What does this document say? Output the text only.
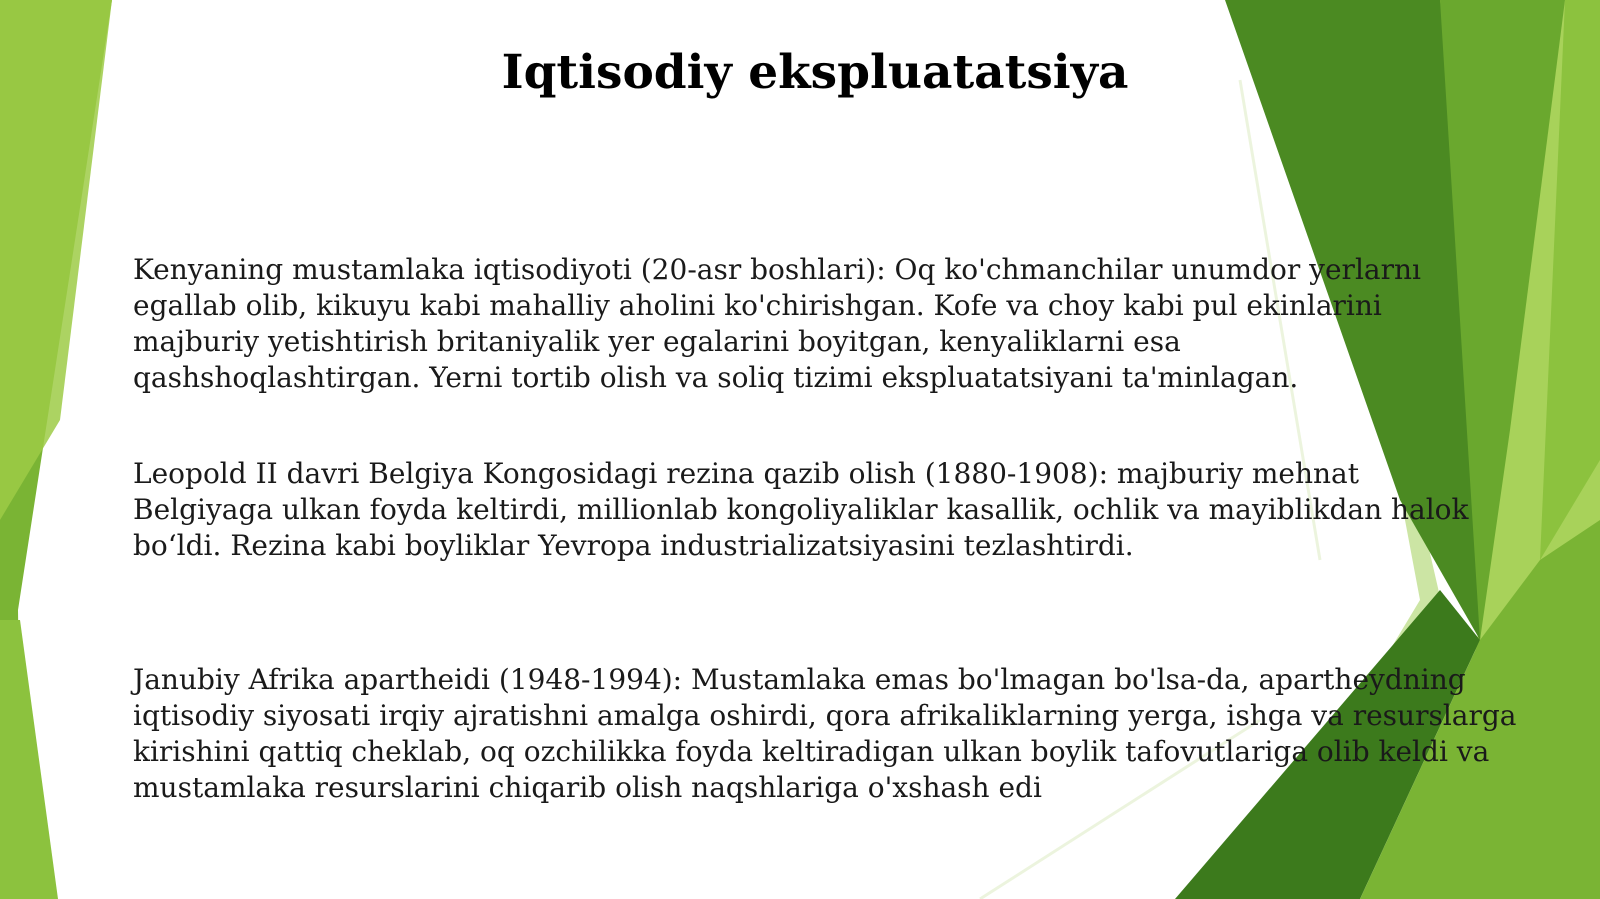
Iqtisodiy ekspluatatsiya

Kenyaning mustamlaka iqtisodiyoti (20-asr boshlari): Oq ko'chmanchilar unumdor yerlarnı
egallab olib, kikuyu kabi mahalliy aholini ko'chirishgan. Kofe va choy kabi pul ekinlarini
majburiy yetishtirish britaniyalik yer egalarini boyitgan, kenyaliklarni esa
qashshoqlashtirgan. Yerni tortib olish va soliq tizimi ekspluatatsiyani ta'minlagan.

Leopold II davri Belgiya Kongosidagi rezina qazib olish (1880-1908): majburiy mehnat
Belgiyaga ulkan foyda keltirdi, millionlab kongoliyaliklar kasallik, ochlik va mayiblikdan halok
bo‘ldi. Rezina kabi boyliklar Yevropa industrializatsiyasini tezlashtirdi.

Janubiy Afrika apartheidi (1948-1994): Mustamlaka emas bo'lmagan bo'lsa-da, apartheydning
iqtisodiy siyosati irqiy ajratishni amalga oshirdi, qora afrikaliklarning yerga, ishga va resurslarga
kirishini qattiq cheklab, oq ozchilikka foyda keltiradigan ulkan boylik tafovutlariga olib keldi va
mustamlaka resurslarini chiqarib olish naqshlariga o'xshash edi
